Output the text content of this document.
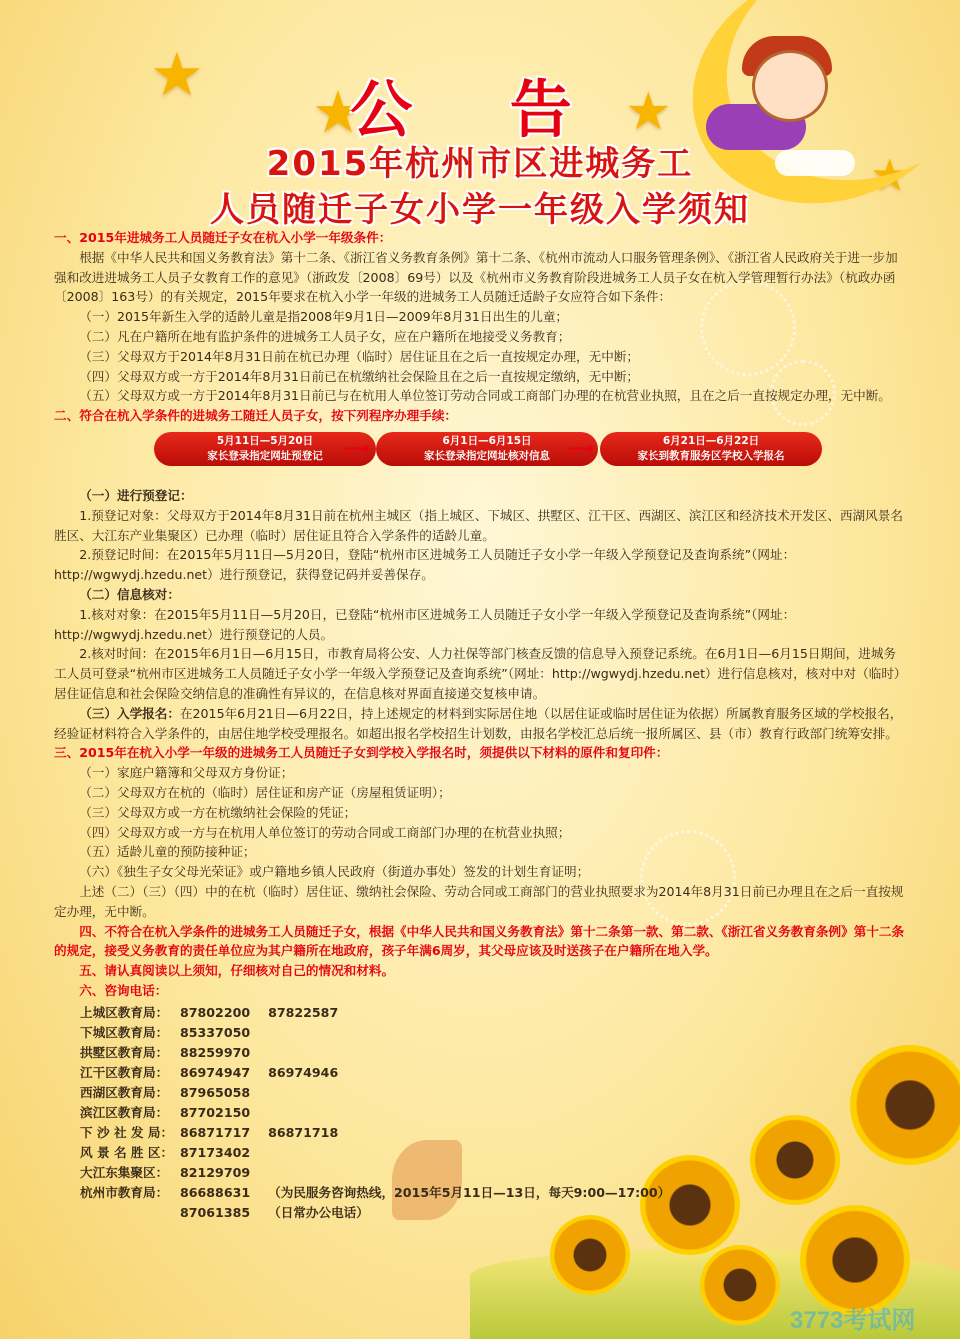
★
★	★
★
公 告
2015年杭州市区进城务工
人员随迁子女小学一年级入学须知

一、2015年进城务工人员随迁子女在杭入小学一年级条件：

根据《中华人民共和国义务教育法》第十二条、《浙江省义务教育条例》第十二条、《杭州市流动人口服务管理条例》、《浙江省人民政府关于进一步加强和改进进城务工人员子女教育工作的意见》（浙政发〔2008〕69号）以及《杭州市义务教育阶段进城务工人员子女在杭入学管理暂行办法》（杭政办函〔2008〕163号）的有关规定，2015年要求在杭入小学一年级的进城务工人员随迁适龄子女应符合如下条件：

（一）2015年新生入学的适龄儿童是指2008年9月1日—2009年8月31日出生的儿童；

（二）凡在户籍所在地有监护条件的进城务工人员子女，应在户籍所在地接受义务教育；

（三）父母双方于2014年8月31日前在杭已办理（临时）居住证且在之后一直按规定办理，无中断；

（四）父母双方或一方于2014年8月31日前已在杭缴纳社会保险且在之后一直按规定缴纳，无中断；

（五）父母双方或一方于2014年8月31日前已与在杭用人单位签订劳动合同或工商部门办理的在杭营业执照，且在之后一直按规定办理，无中断。

二、符合在杭入学条件的进城务工随迁人员子女，按下列程序办理手续：

5月11日—5月20日
家长登录指定网址预登记	⟶	6月1日—6月15日
家长登录指定网址核对信息	⟶	6月21日—6月22日
家长到教育服务区学校入学报名

（一）进行预登记：

1.预登记对象：父母双方于2014年8月31日前在杭州主城区（指上城区、下城区、拱墅区、江干区、西湖区、滨江区和经济技术开发区、西湖风景名胜区、大江东产业集聚区）已办理（临时）居住证且符合入学条件的适龄儿童。

2.预登记时间：在2015年5月11日—5月20日，登陆“杭州市区进城务工人员随迁子女小学一年级入学预登记及查询系统”（网址：http://wgwydj.hzedu.net）进行预登记，获得登记码并妥善保存。

（二）信息核对：

1.核对对象：在2015年5月11日—5月20日，已登陆“杭州市区进城务工人员随迁子女小学一年级入学预登记及查询系统”（网址：http://wgwydj.hzedu.net）进行预登记的人员。

2.核对时间：在2015年6月1日—6月15日，市教育局将公安、人力社保等部门核查反馈的信息导入预登记系统。在6月1日—6月15日期间，进城务工人员可登录“杭州市区进城务工人员随迁子女小学一年级入学预登记及查询系统”（网址：http://wgwydj.hzedu.net）进行信息核对，核对中对（临时）居住证信息和社会保险交纳信息的准确性有异议的，在信息核对界面直接递交复核申请。

（三）入学报名：在2015年6月21日—6月22日，持上述规定的材料到实际居住地（以居住证或临时居住证为依据）所属教育服务区域的学校报名，经验证材料符合入学条件的，由居住地学校受理报名。如超出报名学校招生计划数，由报名学校汇总后统一报所属区、县（市）教育行政部门统筹安排。

三、2015年在杭入小学一年级的进城务工人员随迁子女到学校入学报名时，须提供以下材料的原件和复印件：

（一）家庭户籍簿和父母双方身份证；

（二）父母双方在杭的（临时）居住证和房产证（房屋租赁证明）；

（三）父母双方或一方在杭缴纳社会保险的凭证；

（四）父母双方或一方与在杭用人单位签订的劳动合同或工商部门办理的在杭营业执照；

（五）适龄儿童的预防接种证；

（六）《独生子女父母光荣证》或户籍地乡镇人民政府（街道办事处）签发的计划生育证明；

上述（二）（三）（四）中的在杭（临时）居住证、缴纳社会保险、劳动合同或工商部门的营业执照要求为2014年8月31日前已办理且在之后一直按规定办理，无中断。

四、不符合在杭入学条件的进城务工人员随迁子女，根据《中华人民共和国义务教育法》第十二条第一款、第二款、《浙江省义务教育条例》第十二条的规定，接受义务教育的责任单位应为其户籍所在地政府，孩子年满6周岁，其父母应该及时送孩子在户籍所在地入学。

五、请认真阅读以上须知，仔细核对自己的情况和材料。

六、咨询电话：

上城区教育局： 87802200 87822587
下城区教育局： 85337050
拱墅区教育局： 88259970
江干区教育局： 86974947 86974946
西湖区教育局： 87965058
滨江区教育局： 87702150
下 沙 社 发 局： 86871717 86871718
风 景 名 胜 区： 87173402
大江东集聚区： 82129709
杭州市教育局： 86688631 （为民服务咨询热线，2015年5月11日—13日，每天9:00—17:00）
87061385 （日常办公电话）
3773考试网
